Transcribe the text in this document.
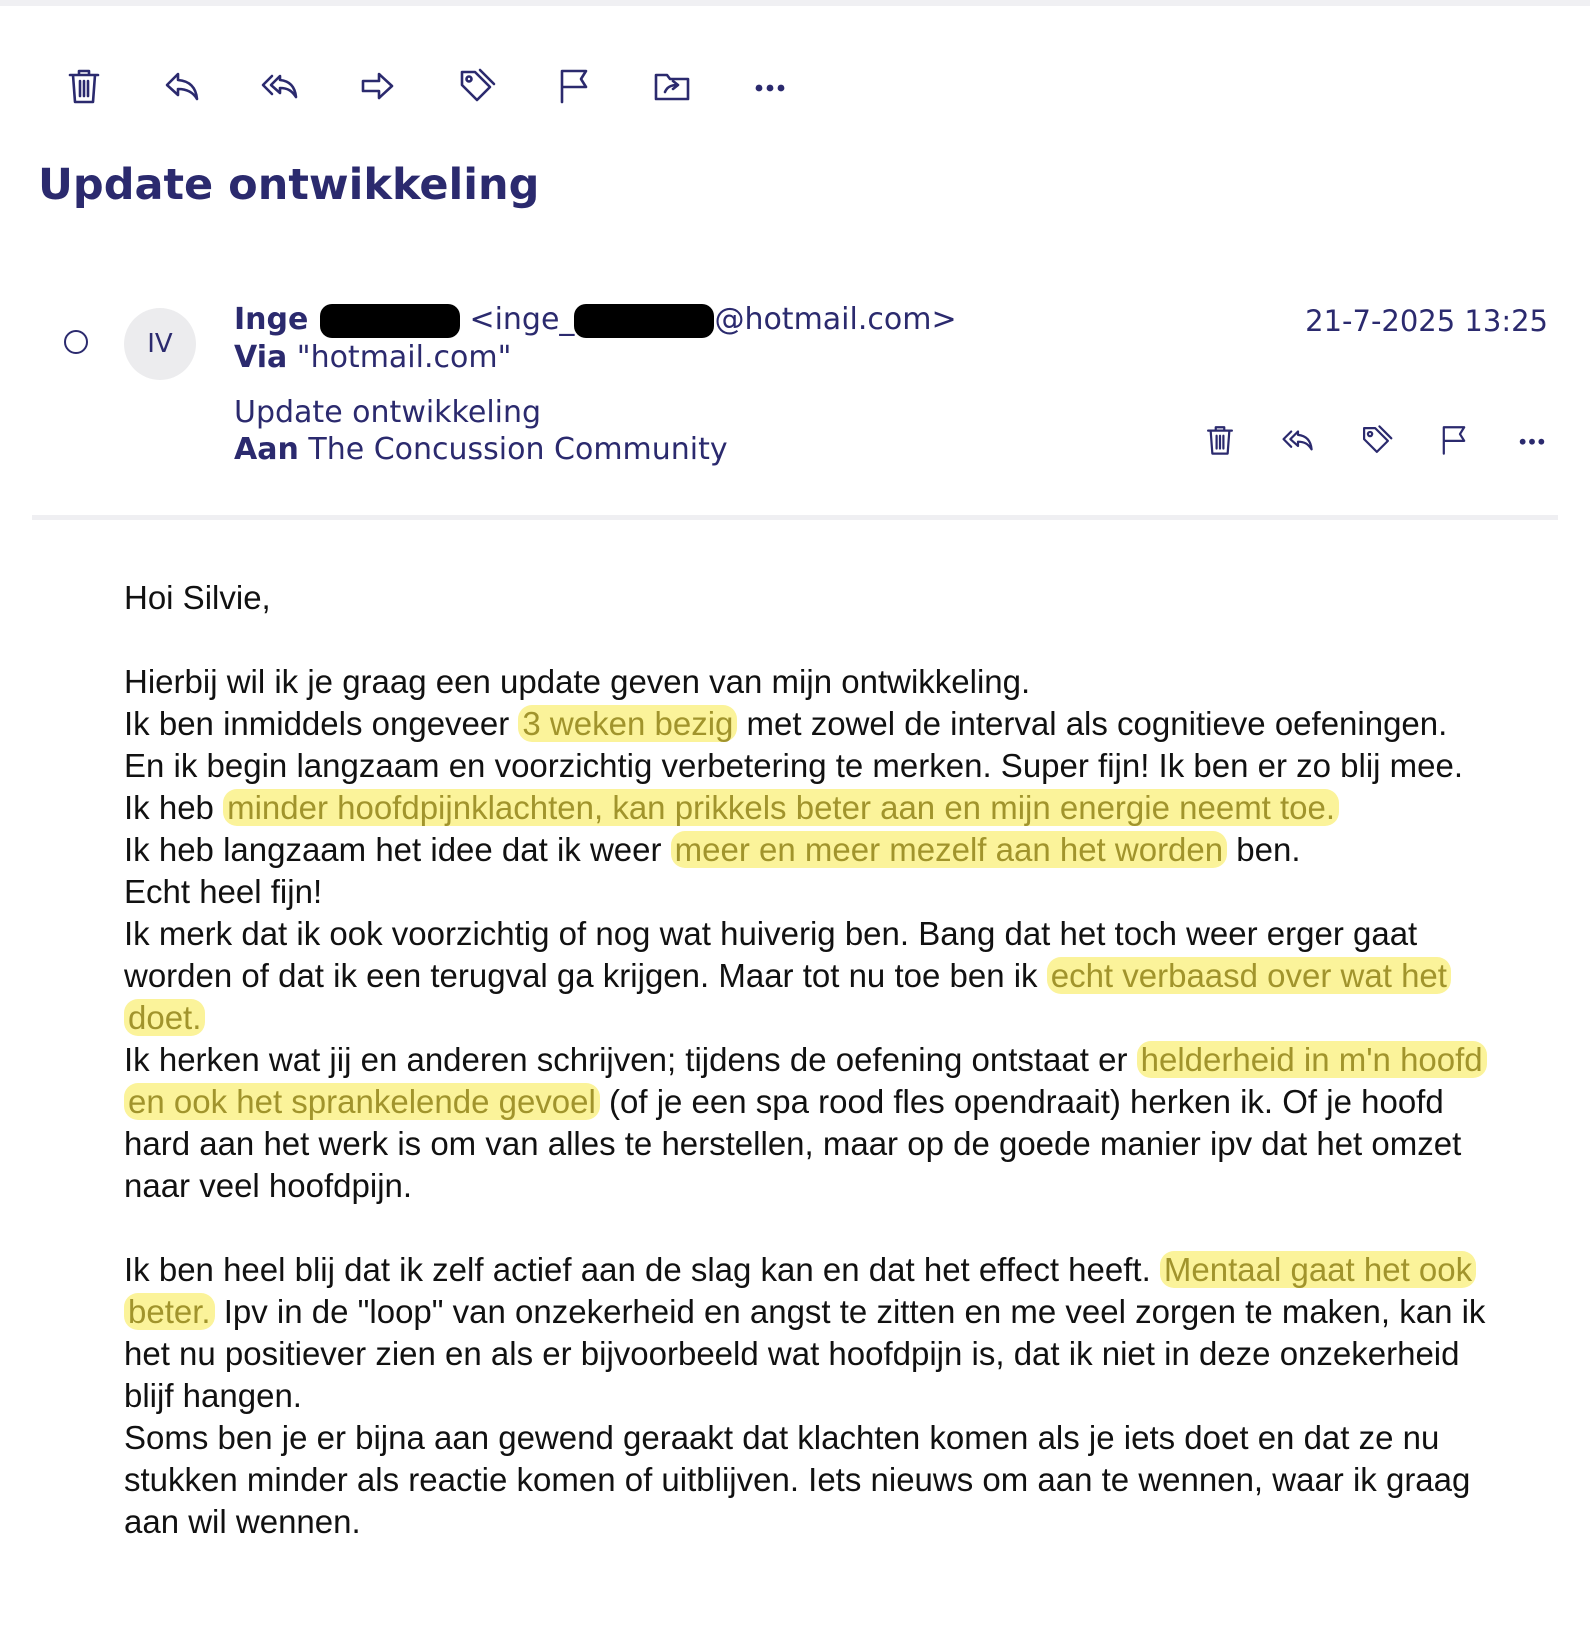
Update ontwikkeling
IV
Inge	<inge_	@hotmail.com>
Via "hotmail.com"
21-7-2025 13:25
Update ontwikkeling
Aan The Concussion Community

Hoi Silvie,

Hierbij wil ik je graag een update geven van mijn ontwikkeling.
Ik ben inmiddels ongeveer 3 weken bezig met zowel de interval als cognitieve oefeningen.
En ik begin langzaam en voorzichtig verbetering te merken. Super fijn! Ik ben er zo blij mee.
Ik heb minder hoofdpijnklachten, kan prikkels beter aan en mijn energie neemt toe.
Ik heb langzaam het idee dat ik weer meer en meer mezelf aan het worden ben.
Echt heel fijn!
Ik merk dat ik ook voorzichtig of nog wat huiverig ben. Bang dat het toch weer erger gaat worden of dat ik een terugval ga krijgen. Maar tot nu toe ben ik echt verbaasd over wat het doet.
Ik herken wat jij en anderen schrijven; tijdens de oefening ontstaat er helderheid in m'n hoofd en ook het sprankelende gevoel (of je een spa rood fles opendraait) herken ik. Of je hoofd hard aan het werk is om van alles te herstellen, maar op de goede manier ipv dat het omzet naar veel hoofdpijn.

Ik ben heel blij dat ik zelf actief aan de slag kan en dat het effect heeft. Mentaal gaat het ook beter. Ipv in de "loop" van onzekerheid en angst te zitten en me veel zorgen te maken, kan ik het nu positiever zien en als er bijvoorbeeld wat hoofdpijn is, dat ik niet in deze onzekerheid blijf hangen.
Soms ben je er bijna aan gewend geraakt dat klachten komen als je iets doet en dat ze nu stukken minder als reactie komen of uitblijven. Iets nieuws om aan te wennen, waar ik graag aan wil wennen.
